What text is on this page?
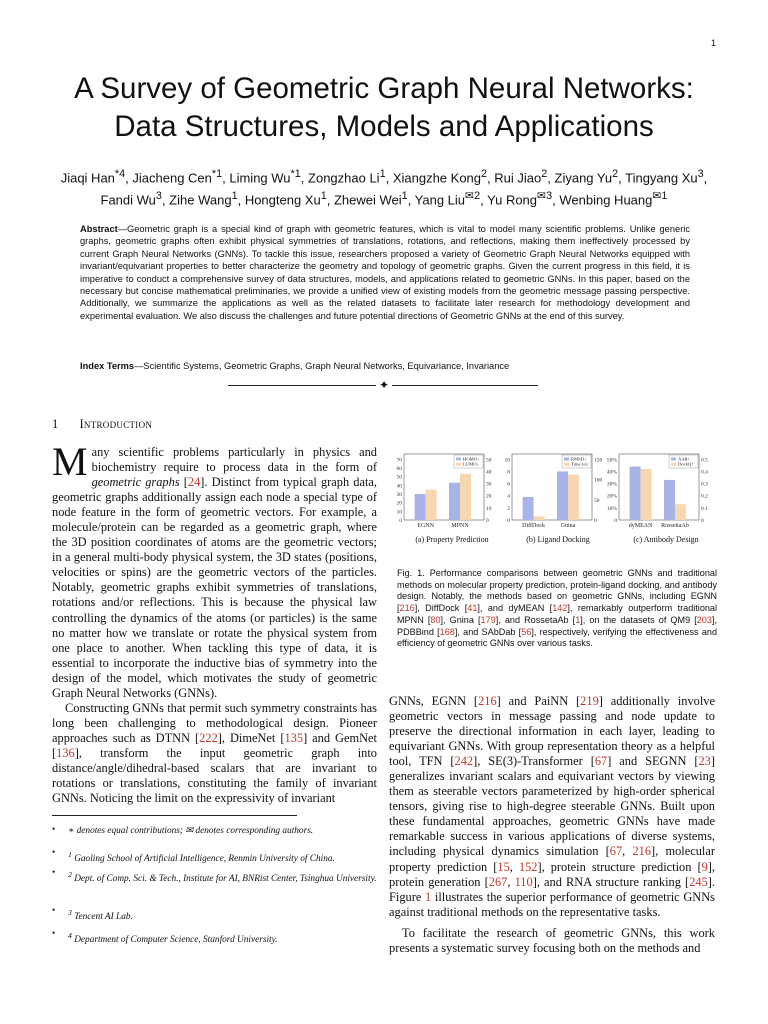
1
A Survey of Geometric Graph Neural Networks:
Data Structures, Models and Applications
Jiaqi Han$^{*4}$, Jiacheng Cen$^{*1}$, Liming Wu$^{*1}$, Zongzhao Li$^1$, Xiangzhe Kong$^2$, Rui Jiao$^2$, Ziyang Yu$^2$, Tingyang Xu$^3$, Fandi Wu$^3$, Zihe Wang$^1$, Hongteng Xu$^1$, Zhewei Wei$^1$, Yang Liu$^{✉2}$, Yu Rong$^{✉3}$, Wenbing Huang$^{✉1}$
Abstract—Geometric graph is a special kind of graph with geometric features, which is vital to model many scientific problems. Unlike generic graphs, geometric graphs often exhibit physical symmetries of translations, rotations, and reflections, making them ineffectively processed by current Graph Neural Networks (GNNs). To tackle this issue, researchers proposed a variety of Geometric Graph Neural Networks equipped with invariant/equivariant properties to better characterize the geometry and topology of geometric graphs. Given the current progress in this field, it is imperative to conduct a comprehensive survey of data structures, models, and applications related to geometric GNNs. In this paper, based on the necessary but concise mathematical preliminaries, we provide a unified view of existing models from the geometric message passing perspective. Additionally, we summarize the applications as well as the related datasets to facilitate later research for methodology development and experimental evaluation. We also discuss the challenges and future potential directions of Geometric GNNs at the end of this survey.
Index Terms—Scientific Systems, Geometric Graphs, Graph Neural Networks, Equivariance, Invariance
✦
1 Introduction

Many scientific problems particularly in physics and biochemistry require to process data in the form of geometric graphs [24]. Distinct from typical graph data, geometric graphs additionally assign each node a special type of node feature in the form of geometric vectors. For example, a molecule/protein can be regarded as a geometric graph, where the 3D position coordinates of atoms are the geometric vectors; in a general multi-body physical system, the 3D states (positions, velocities or spins) are the geometric vectors of the particles. Notably, geometric graphs exhibit symmetries of translations, rotations and/or reflections. This is because the physical law controlling the dynamics of the atoms (or particles) is the same no matter how we translate or rotate the physical system from one place to another. When tackling this type of data, it is essential to incorporate the inductive bias of symmetry into the design of the model, which motivates the study of geometric Graph Neural Networks (GNNs).

Constructing GNNs that permit such symmetry constraints has long been challenging to methodological design. Pioneer approaches such as DTNN [222], DimeNet [135] and GemNet [136], transform the input geometric graph into distance/angle/dihedral-based scalars that are invariant to rotations or translations, constituting the family of invariant GNNs. Noticing the limit on the expressivity of invariant

• ∗ denotes equal contributions; ✉ denotes corresponding authors.
• $^1$ Gaoling School of Artificial Intelligence, Renmin University of China.
• $^2$ Dept. of Comp. Sci. & Tech., Institute for AI, BNRist Center, Tsinghua University.
• $^3$ Tencent AI Lab.
• $^4$ Department of Computer Science, Stanford University.
0
10
20
30
40
50
60
70
0
10
20
30
40
50
EGNN	MPNN
HOMO↓
LUMO↓
0
2
4
6
8
10
0
50
100
150
DiffDock	Gnina
RMSD↓
Time (s)↓
0
10%
20%
30%
40%
50%
0
0.1
0.2
0.3
0.4
0.5
dyMEAN RossettaAb
AAR↑
DockQ↑
(a) Property Prediction	(b) Ligand Docking	(c) Antibody Design
Fig. 1. Performance comparisons between geometric GNNs and traditional methods on molecular property prediction, protein-ligand docking, and antibody design. Notably, the methods based on geometric GNNs, including EGNN [216], DiffDock [41], and dyMEAN [142], remarkably outperform traditional MPNN [80], Gnina [179], and RossetaAb [1], on the datasets of QM9 [203], PDBBind [168], and SAbDab [56], respectively, verifying the effectiveness and efficiency of geometric GNNs over various tasks.

GNNs, EGNN [216] and PaiNN [219] additionally involve geometric vectors in message passing and node update to preserve the directional information in each layer, leading to equivariant GNNs. With group representation theory as a helpful tool, TFN [242], SE(3)-Transformer [67] and SEGNN [23] generalizes invariant scalars and equivariant vectors by viewing them as steerable vectors parameterized by high-order spherical tensors, giving rise to high-degree steerable GNNs. Built upon these fundamental approaches, geometric GNNs have made remarkable success in various applications of diverse systems, including physical dynamics simulation [67, 216], molecular property prediction [15, 152], protein structure prediction [9], protein generation [267, 110], and RNA structure ranking [245]. Figure 1 illustrates the superior performance of geometric GNNs against traditional methods on the representative tasks.

To facilitate the research of geometric GNNs, this work presents a systematic survey focusing both on the methods and
